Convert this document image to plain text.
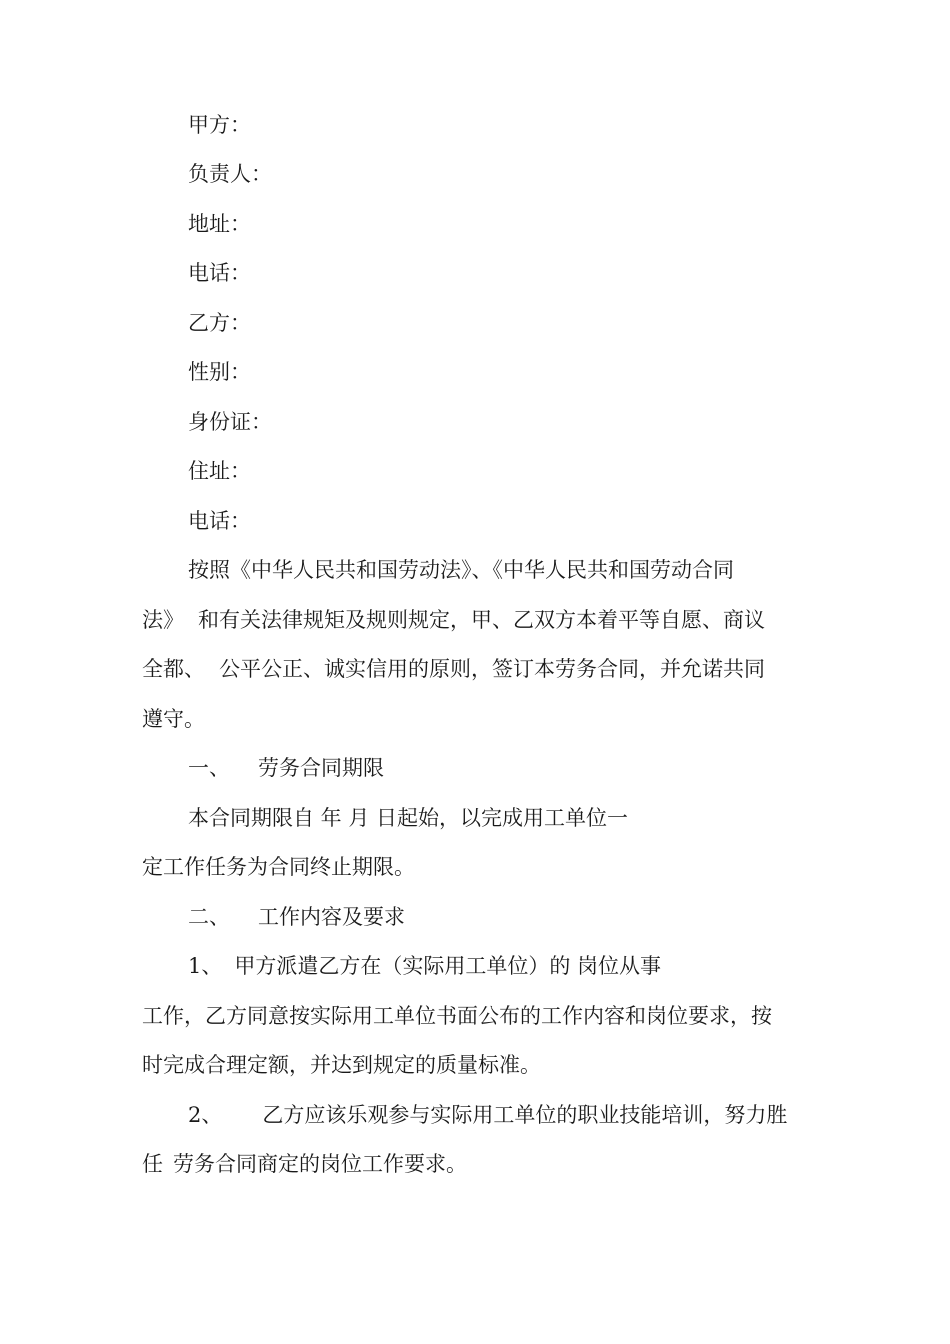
甲方：
负责人：
地址：
电话：
乙方：
性别：
身份证：
住址：
电话：
按照《中华人民共和国劳动法》、《中华人民共和国劳动合同
法》 和有关法律规矩及规则规定，甲、乙双方本着平等自愿、商议
全都、 公平公正、诚实信用的原则，签订本劳务合同，并允诺共同
遵守。
一、 劳务合同期限
本合同期限自 年 月 日起始，以完成用工单位一
定工作任务为合同终止期限。
二、 工作内容及要求
1、 甲方派遣乙方在（实际用工单位）的 岗位从事
工作，乙方同意按实际用工单位书面公布的工作内容和岗位要求，按
时完成合理定额，并达到规定的质量标准。
2、 乙方应该乐观参与实际用工单位的职业技能培训，努力胜
任 劳务合同商定的岗位工作要求。
